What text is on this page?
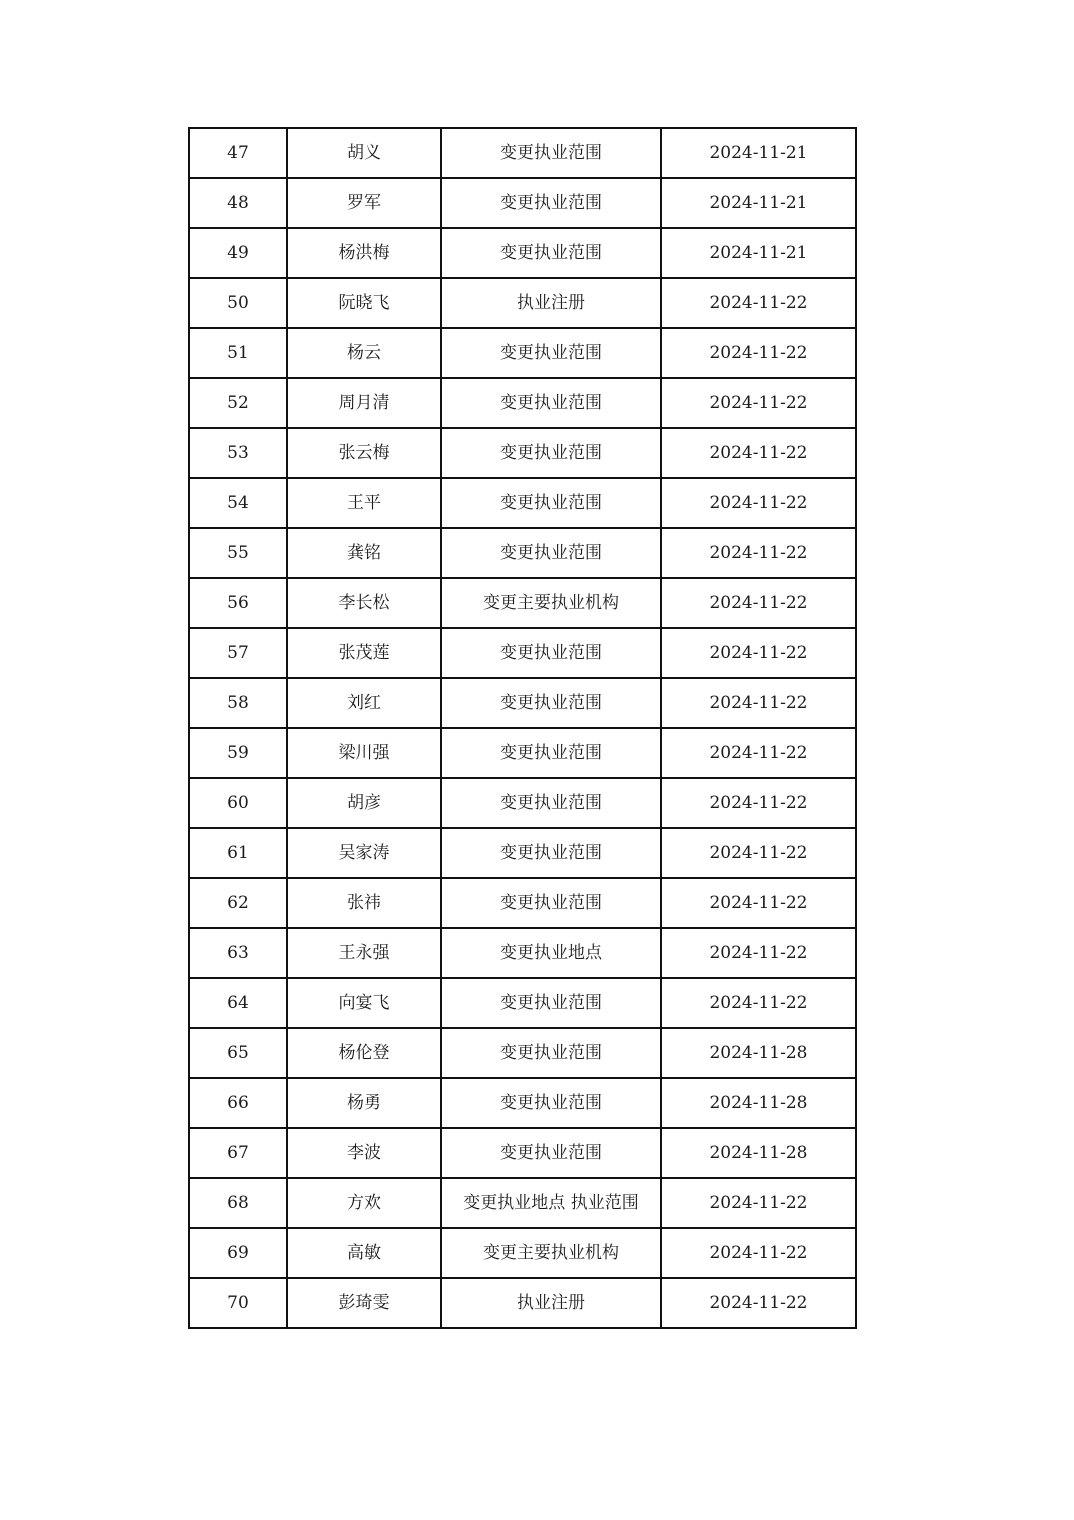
47	胡义	变更执业范围	2024-11-21
48	罗军	变更执业范围	2024-11-21
49	杨洪梅	变更执业范围	2024-11-21
50	阮晓飞	执业注册	2024-11-22
51	杨云	变更执业范围	2024-11-22
52	周月清	变更执业范围	2024-11-22
53	张云梅	变更执业范围	2024-11-22
54	王平	变更执业范围	2024-11-22
55	龚铭	变更执业范围	2024-11-22
56	李长松	变更主要执业机构	2024-11-22
57	张茂莲	变更执业范围	2024-11-22
58	刘红	变更执业范围	2024-11-22
59	梁川强	变更执业范围	2024-11-22
60	胡彦	变更执业范围	2024-11-22
61	吴家涛	变更执业范围	2024-11-22
62	张祎	变更执业范围	2024-11-22
63	王永强	变更执业地点	2024-11-22
64	向宴飞	变更执业范围	2024-11-22
65	杨伦登	变更执业范围	2024-11-28
66	杨勇	变更执业范围	2024-11-28
67	李波	变更执业范围	2024-11-28
68	方欢	变更执业地点 执业范围	2024-11-22
69	高敏	变更主要执业机构	2024-11-22
70	彭琦雯	执业注册	2024-11-22
